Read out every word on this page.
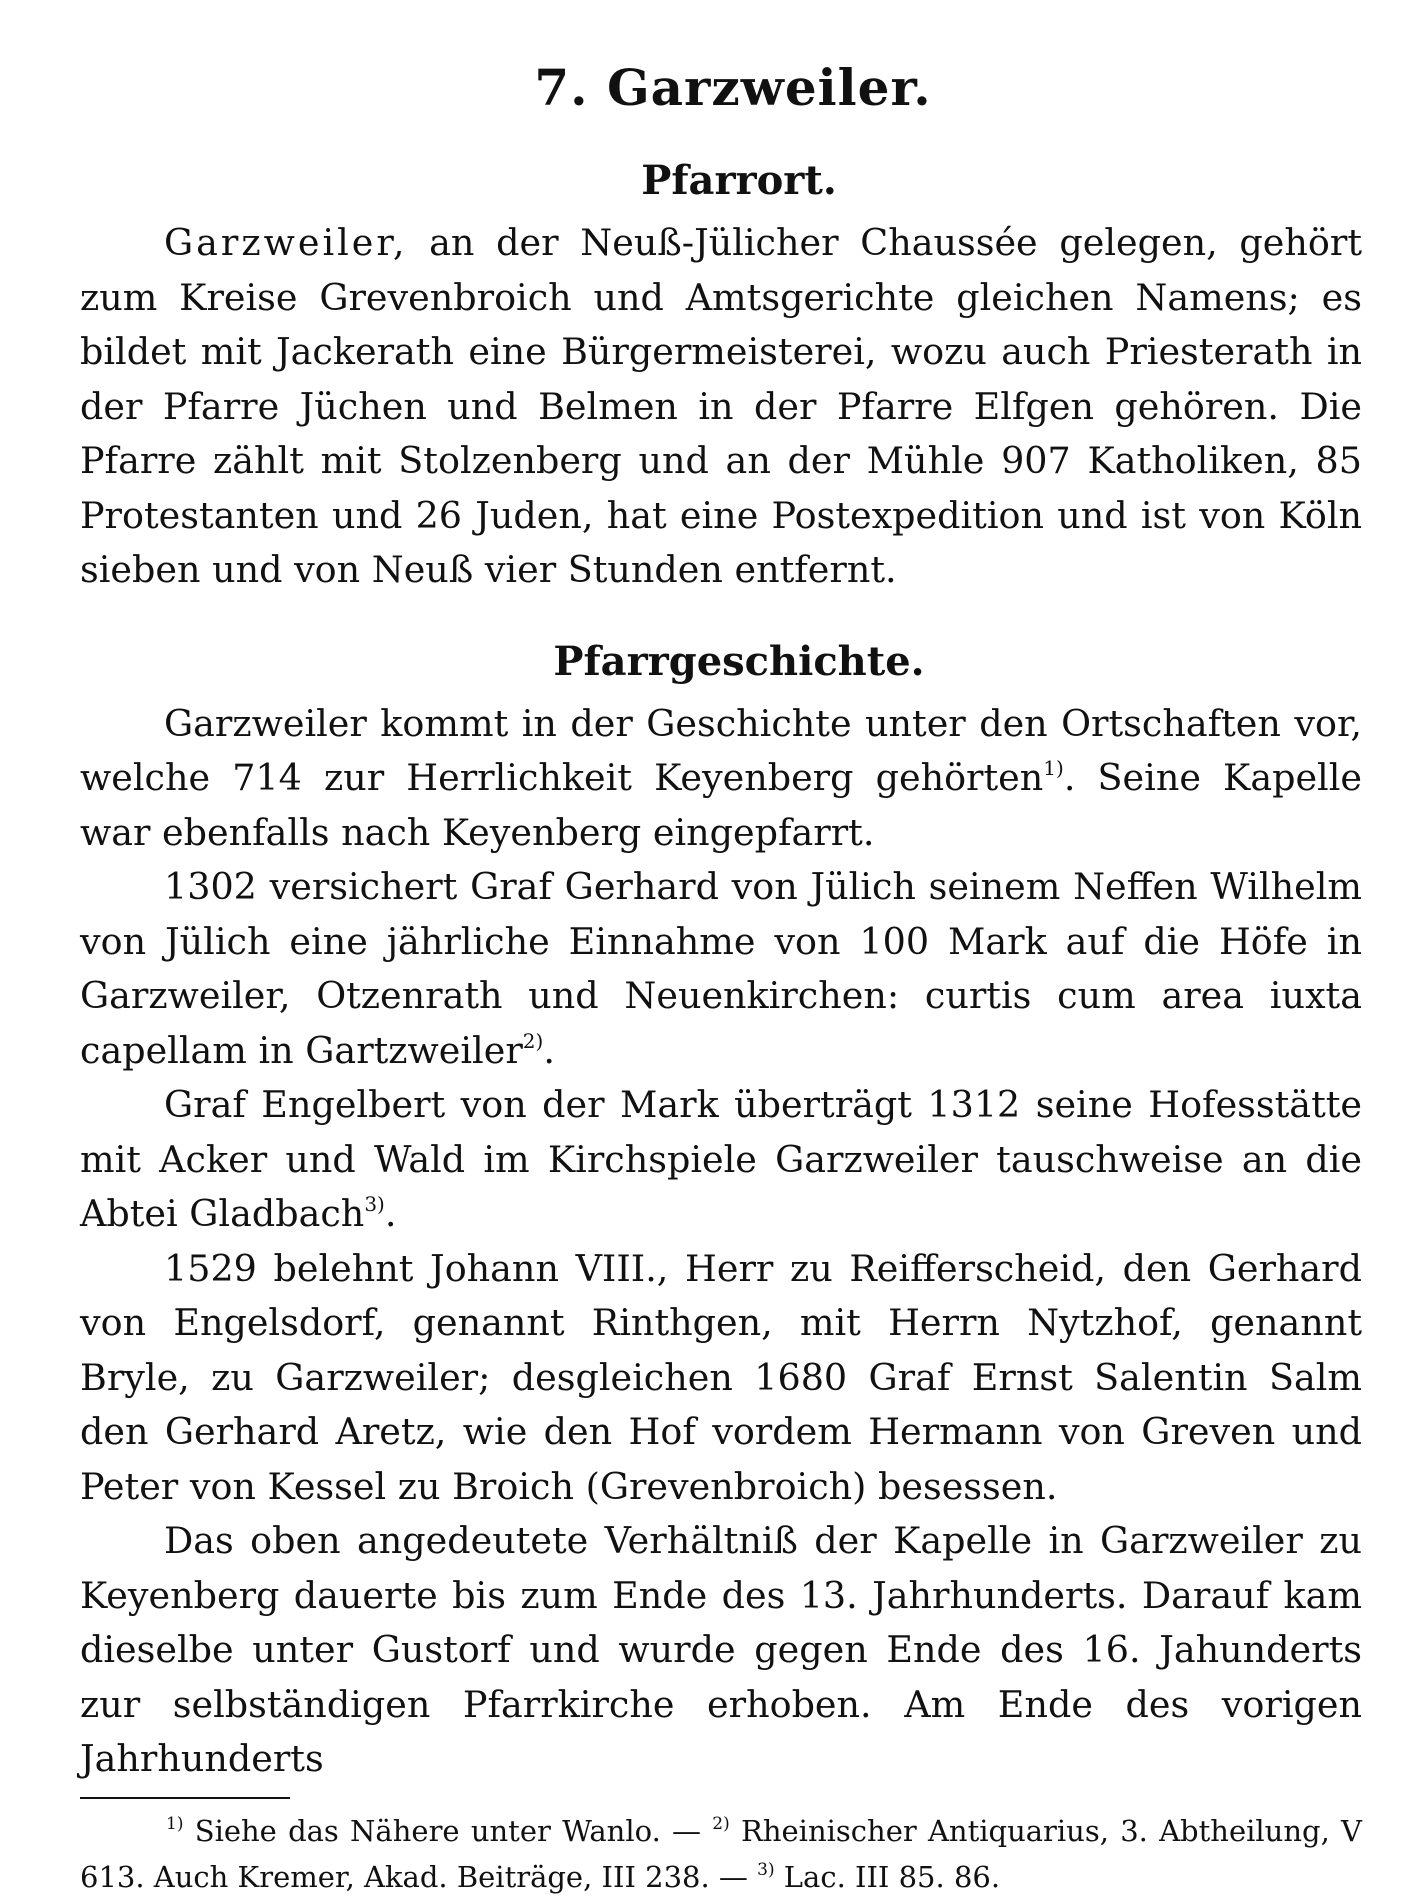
7. Garzweiler.
Pfarrort.

Garzweiler, an der Neuß-Jülicher Chaussée gelegen, gehört zum Kreise Grevenbroich und Amtsgerichte gleichen Namens; es bildet mit Jackerath eine Bürgermeisterei, wozu auch Priesterath in der Pfarre Jüchen und Belmen in der Pfarre Elfgen gehören. Die Pfarre zählt mit Stolzenberg und an der Mühle 907 Katholiken, 85 Protestanten und 26 Juden, hat eine Postexpedition und ist von Köln sieben und von Neuß vier Stunden entfernt.

Pfarrgeschichte.

Garzweiler kommt in der Geschichte unter den Ortschaften vor, welche 714 zur Herrlichkeit Keyenberg gehörten$^{1)}$. Seine Kapelle war ebenfalls nach Keyenberg eingepfarrt.

1302 versichert Graf Gerhard von Jülich seinem Neffen Wilhelm von Jülich eine jährliche Einnahme von 100 Mark auf die Höfe in Garzweiler, Otzenrath und Neuenkirchen: curtis cum area iuxta capellam in Gartzweiler$^{2)}$.

Graf Engelbert von der Mark überträgt 1312 seine Hofesstätte mit Acker und Wald im Kirchspiele Garzweiler tauschweise an die Abtei Gladbach$^{3)}$.

1529 belehnt Johann VIII., Herr zu Reifferscheid, den Gerhard von Engelsdorf, genannt Rinthgen, mit Herrn Nytzhof, genannt Bryle, zu Garzweiler; desgleichen 1680 Graf Ernst Salentin Salm den Gerhard Aretz, wie den Hof vordem Hermann von Greven und Peter von Kessel zu Broich (Grevenbroich) besessen.

Das oben angedeutete Verhältniß der Kapelle in Garzweiler zu Keyenberg dauerte bis zum Ende des 13. Jahrhunderts. Darauf kam dieselbe unter Gustorf und wurde gegen Ende des 16. Jahunderts zur selbständigen Pfarrkirche erhoben. Am Ende des vorigen Jahrhunderts

$^{1)}$ Siehe das Nähere unter Wanlo. — $^{2)}$ Rheinischer Antiquarius, 3. Abtheilung, V 613. Auch Kremer, Akad. Beiträge, III 238. — $^{3)}$ Lac. III 85. 86.
